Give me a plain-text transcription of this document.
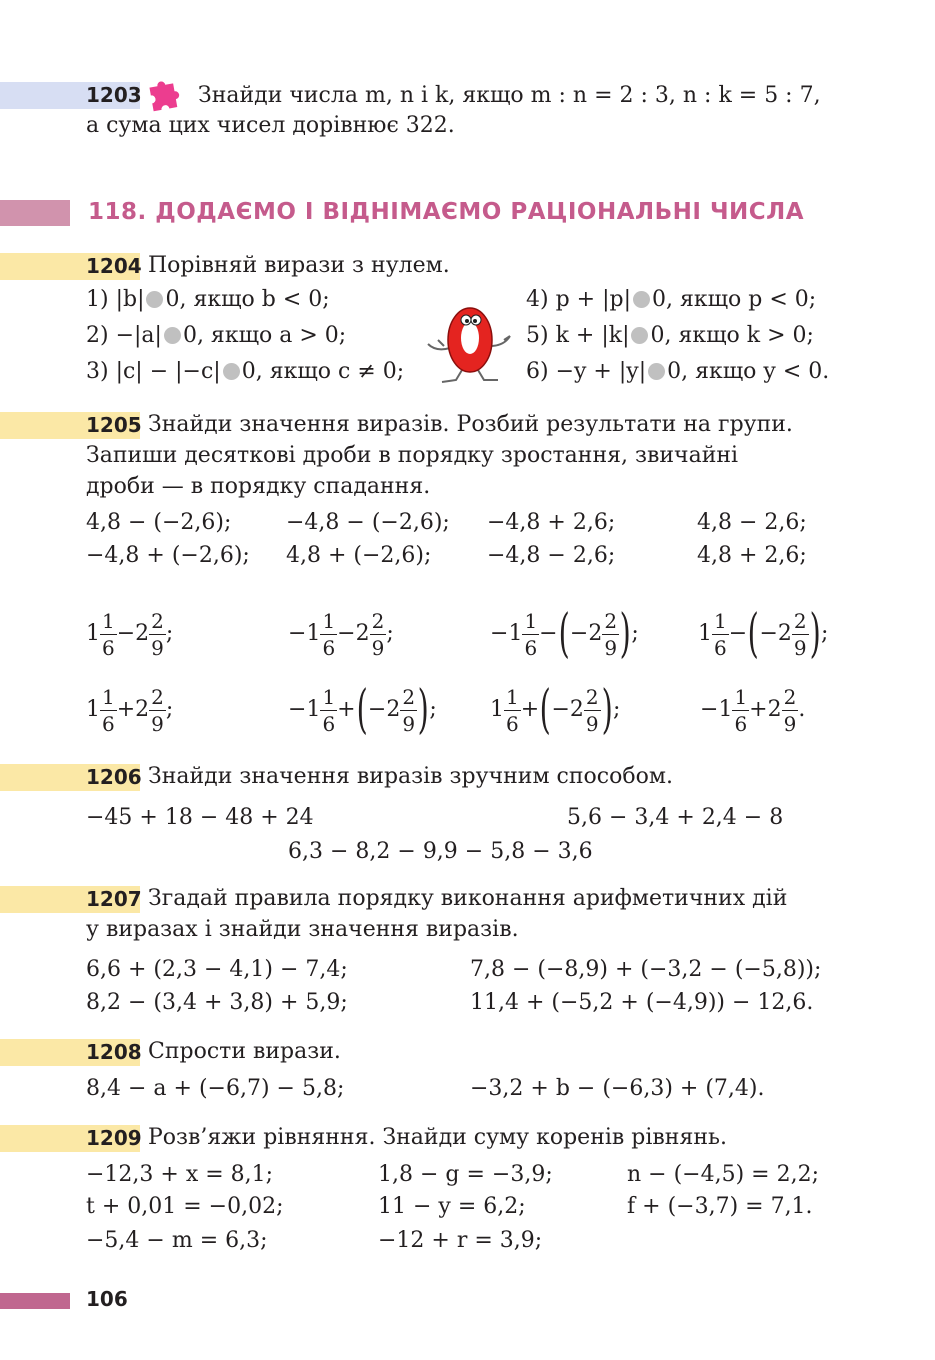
1203	Знайди числа m, n і k, якщо m : n = 2 : 3, n : k = 5 : 7,
а сума цих чисел дорівнює 322.
118. ДОДАЄМО І ВІДНІМАЄМО РАЦІОНАЛЬНІ ЧИСЛА
1204 Порівняй вирази з нулем.
1) |b| 0, якщо b < 0;
2) −|a| 0, якщо a > 0;
3) |c| − |−c| 0, якщо c ≠ 0;
4) p + |p| 0, якщо p < 0;
5) k + |k| 0, якщо k > 0;
6) −y + |y| 0, якщо y < 0.
1205 Знайди значення виразів. Розбий результати на групи.
Запиши десяткові дроби в порядку зростання, звичайні
дроби — в порядку спадання.
4,8 − (−2,6); −4,8 − (−2,6); −4,8 + 2,6;	4,8 − 2,6;
−4,8 + (−2,6); 4,8 + (−2,6);	−4,8 − 2,6;	4,8 + 2,6;
$1 \frac{1}{6} - 2 \frac{2}{9}$ ;	− $1 \frac{1}{6} - 2 \frac{2}{9}$ ;	− $1 \frac{1}{6}$ − ( − $2 \frac{2}{9}$ ) ;	$1 \frac{1}{6}$ − ( − $2 \frac{2}{9}$ ) ;
$1 \frac{1}{6} + 2 \frac{2}{9}$ ;	− $1 \frac{1}{6}$ + ( − $2 \frac{2}{9}$ ) ; $1 \frac{1}{6}$ + ( − $2 \frac{2}{9}$ ) ;	− $1 \frac{1}{6} + 2 \frac{2}{9}$ .
1206 Знайди значення виразів зручним способом.
−45 + 18 − 48 + 24	5,6 − 3,4 + 2,4 − 8
6,3 − 8,2 − 9,9 − 5,8 − 3,6
1207 Згадай правила порядку виконання арифметичних дій
у виразах і знайди значення виразів.
6,6 + (2,3 − 4,1) − 7,4;	7,8 − (−8,9) + (−3,2 − (−5,8));
8,2 − (3,4 + 3,8) + 5,9;	11,4 + (−5,2 + (−4,9)) − 12,6.
1208 Спрости вирази.
8,4 − a + (−6,7) − 5,8;	−3,2 + b − (−6,3) + (7,4).
1209 Розв’яжи рівняння. Знайди суму коренів рівнянь.
−12,3 + x = 8,1;	1,8 − g = −3,9;	n − (−4,5) = 2,2;
t + 0,01 = −0,02;	11 − y = 6,2;	f + (−3,7) = 7,1.
−5,4 − m = 6,3;	−12 + r = 3,9;
106
